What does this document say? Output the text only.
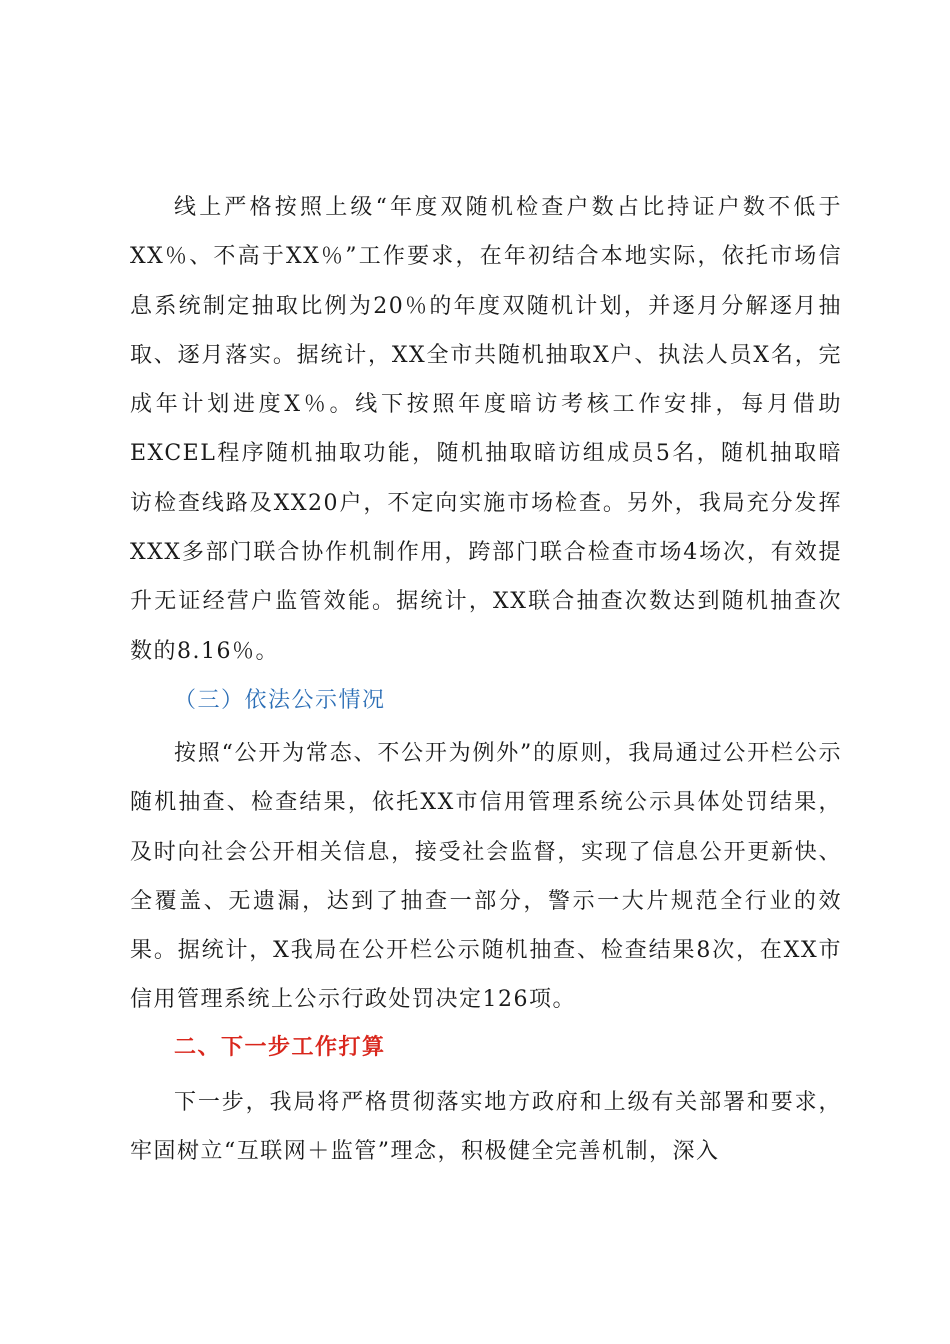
线上严格按照上级“年度双随机检查户数占比持证户数不低于XX％、不高于XX％”工作要求，在年初结合本地实际，依托市场信息系统制定抽取比例为20％的年度双随机计划，并逐月分解逐月抽取、逐月落实。据统计，XX全市共随机抽取X户、执法人员X名，完成年计划进度X％。线下按照年度暗访考核工作安排，每月借助EXCEL程序随机抽取功能，随机抽取暗访组成员5名，随机抽取暗访检查线路及XX20户，不定向实施市场检查。另外，我局充分发挥XXX多部门联合协作机制作用，跨部门联合检查市场4场次，有效提升无证经营户监管效能。据统计，XX联合抽查次数达到随机抽查次数的8.16％。

（三）依法公示情况

按照“公开为常态、不公开为例外”的原则，我局通过公开栏公示随机抽查、检查结果，依托XX市信用管理系统公示具体处罚结果，及时向社会公开相关信息，接受社会监督，实现了信息公开更新快、全覆盖、无遗漏，达到了抽查一部分，警示一大片规范全行业的效果。据统计，X我局在公开栏公示随机抽查、检查结果8次，在XX市信用管理系统上公示行政处罚决定126项。

二、下一步工作打算

下一步，我局将严格贯彻落实地方政府和上级有关部署和要求，牢固树立“互联网＋监管”理念，积极健全完善机制，深入
